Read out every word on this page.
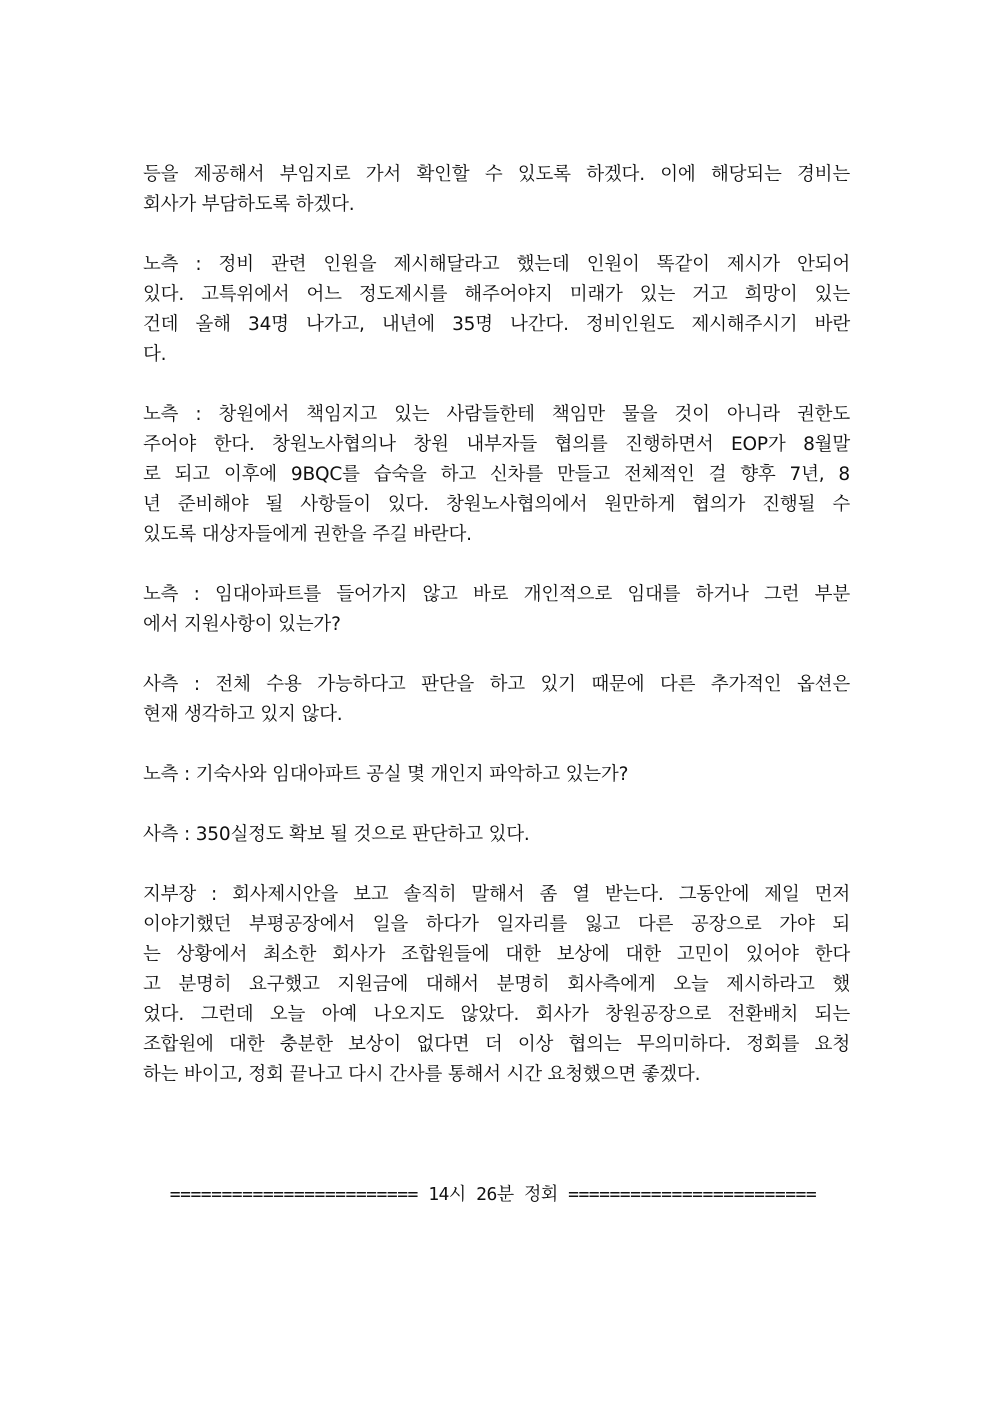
등을 제공해서 부임지로 가서 확인할 수 있도록 하겠다. 이에 해당되는 경비는
회사가 부담하도록 하겠다.

노측 : 정비 관련 인원을 제시해달라고 했는데 인원이 똑같이 제시가 안되어
있다. 고특위에서 어느 정도제시를 해주어야지 미래가 있는 거고 희망이 있는
건데 올해 34명 나가고, 내년에 35명 나간다. 정비인원도 제시해주시기 바란
다.

노측 : 창원에서 책임지고 있는 사람들한테 책임만 물을 것이 아니라 권한도
주어야 한다. 창원노사협의나 창원 내부자들 협의를 진행하면서 EOP가 8월말
로 되고 이후에 9BQC를 습숙을 하고 신차를 만들고 전체적인 걸 향후 7년, 8
년 준비해야 될 사항들이 있다. 창원노사협의에서 원만하게 협의가 진행될 수
있도록 대상자들에게 권한을 주길 바란다.

노측 : 임대아파트를 들어가지 않고 바로 개인적으로 임대를 하거나 그런 부분
에서 지원사항이 있는가?

사측 : 전체 수용 가능하다고 판단을 하고 있기 때문에 다른 추가적인 옵션은
현재 생각하고 있지 않다.

노측 : 기숙사와 임대아파트 공실 몇 개인지 파악하고 있는가?

사측 : 350실정도 확보 될 것으로 판단하고 있다.

지부장 : 회사제시안을 보고 솔직히 말해서 좀 열 받는다. 그동안에 제일 먼저
이야기했던 부평공장에서 일을 하다가 일자리를 잃고 다른 공장으로 가야 되
는 상황에서 최소한 회사가 조합원들에 대한 보상에 대한 고민이 있어야 한다
고 분명히 요구했고 지원금에 대해서 분명히 회사측에게 오늘 제시하라고 했
었다. 그런데 오늘 아예 나오지도 않았다. 회사가 창원공장으로 전환배치 되는
조합원에 대한 충분한 보상이 없다면 더 이상 협의는 무의미하다. 정회를 요청
하는 바이고, 정회 끝나고 다시 간사를 통해서 시간 요청했으면 좋겠다.

======================== 14시 26분 정회 ========================
